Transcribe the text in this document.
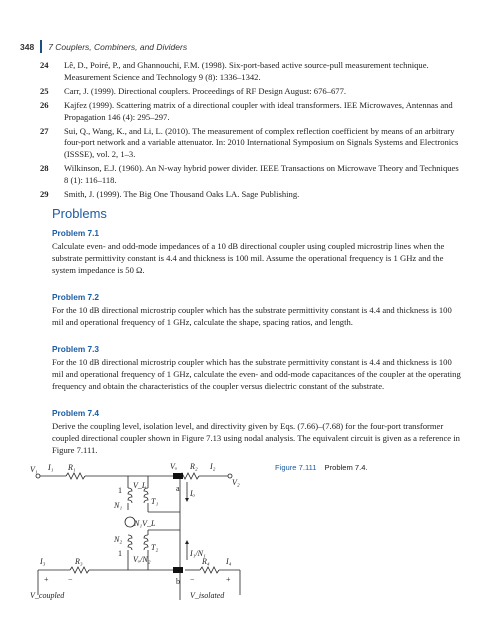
348 7 Couplers, Combiners, and Dividers
24	Lê, D., Poiré, P., and Ghannouchi, F.M. (1998). Six-port-based active source-pull measurement technique. Measurement Science and Technology 9 (8): 1336–1342.
25	Carr, J. (1999). Directional couplers. Proceedings of RF Design August: 676–677.
26	Kajfez (1999). Scattering matrix of a directional coupler with ideal transformers. IEE Microwaves, Antennas and Propagation 146 (4): 295–297.
27	Sui, Q., Wang, K., and Li, L. (2010). The measurement of complex reflection coefficient by means of an arbitrary four-port network and a variable attenuator. In: 2010 International Symposium on Signals Systems and Electronics (ISSSE), vol. 2, 1–3.
28	Wilkinson, E.J. (1960). An N-way hybrid power divider. IEEE Transactions on Microwave Theory and Techniques 8 (1): 116–118.
29	Smith, J. (1999). The Big One Thousand Oaks LA. Sage Publishing.
Problems
Problem 7.1

Calculate even- and odd-mode impedances of a 10 dB directional coupler using coupled microstrip lines when the substrate permittivity constant is 4.4 and thickness is 100 mil. Assume the operational frequency is 1 GHz and the system impedance is 50 Ω.

Problem 7.2

For the 10 dB directional microstrip coupler which has the substrate permittivity constant is 4.4 and thickness is 100 mil and operational frequency of 1 GHz, calculate the shape, spacing ratios, and length.

Problem 7.3

For the 10 dB directional microstrip coupler which has the substrate permittivity constant is 4.4 and thickness is 100 mil and operational frequency of 1 GHz, calculate the even- and odd-mode capacitances of the coupler at the operating frequency and obtain the characteristics of the coupler versus dielectric constant of the substrate.

Problem 7.4

Derive the coupling level, isolation level, and directivity given by Eqs. (7.66)–(7.68) for the four-port transformer coupled directional coupler shown in Figure 7.13 using nodal analysis. The equivalent circuit is given as a reference in Figure 7.111.

V₁ I₁ R₁	Vₒ R₂ I₂
V₂
V_L
1
N₁	T₁
N₁V_L
a
Iₐ
N₂
T₂
1
Vₒ/N₂
I₁/N₁
b
I₃	R₃	R₄ I₄
+ −	−	+
V_coupled	V_isolated
Figure 7.111 Problem 7.4.
